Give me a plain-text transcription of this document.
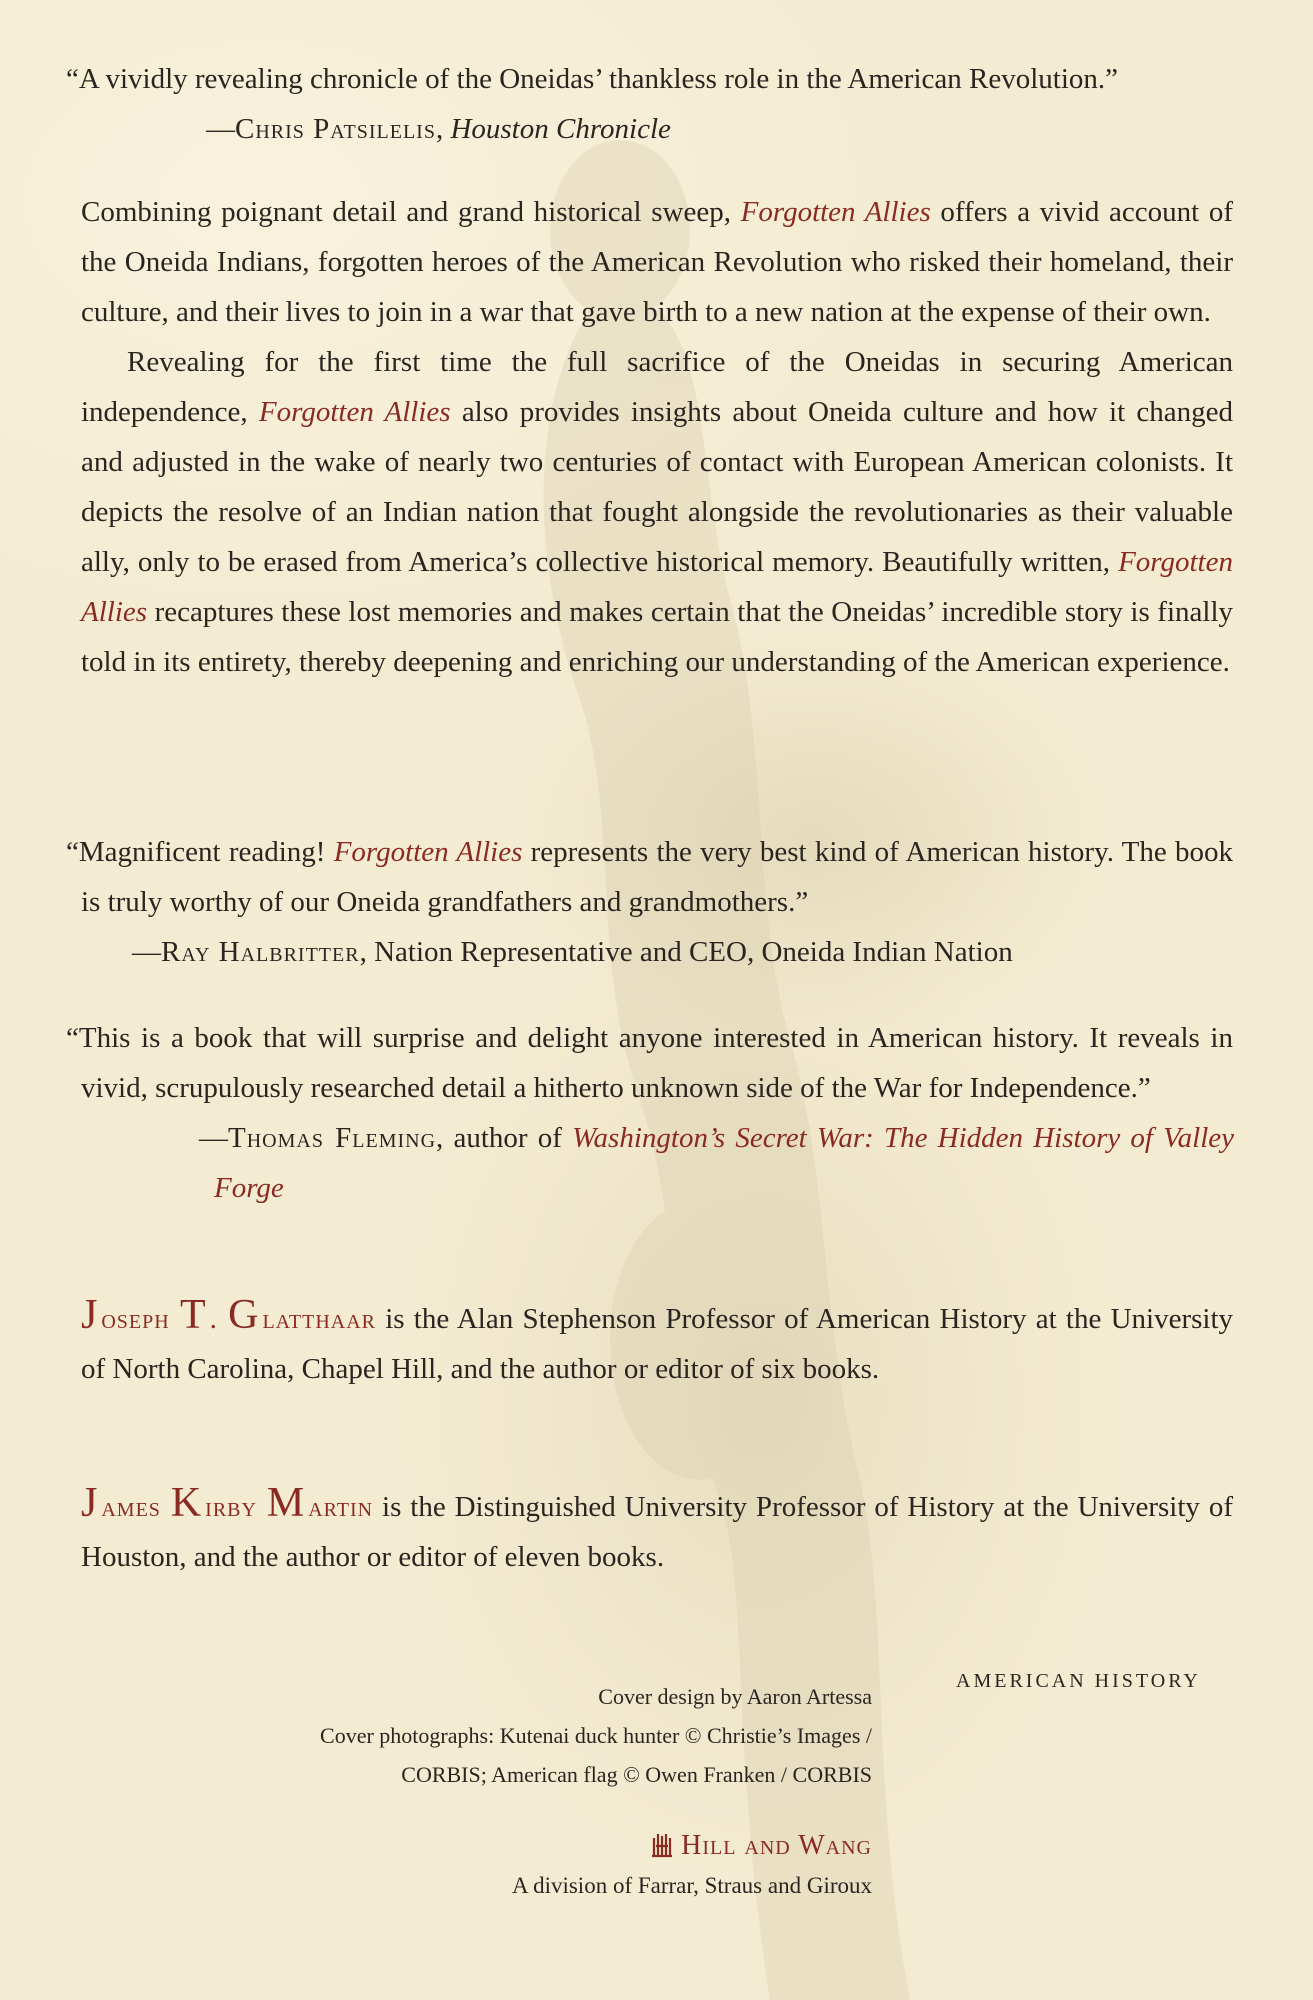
“A vividly revealing chronicle of the Oneidas’ thankless role in the American Revolution.”
—Chris Patsilelis, Houston Chronicle
Combining poignant detail and grand historical sweep, Forgotten Allies offers a vivid account of the Oneida Indians, forgotten heroes of the American Revolution who risked their homeland, their culture, and their lives to join in a war that gave birth to a new nation at the expense of their own.
Revealing for the first time the full sacrifice of the Oneidas in securing American independence, Forgotten Allies also provides insights about Oneida culture and how it changed and adjusted in the wake of nearly two centuries of contact with European American colonists. It depicts the resolve of an Indian nation that fought alongside the revolutionaries as their valuable ally, only to be erased from America’s collective historical memory. Beautifully written, Forgotten Allies recaptures these lost memories and makes certain that the Oneidas’ incredible story is finally told in its entirety, thereby deepening and enriching our understanding of the American experience.
“Magnificent reading! Forgotten Allies represents the very best kind of American history. The book is truly worthy of our Oneida grandfathers and grandmothers.”
—Ray Halbritter, Nation Representative and CEO, Oneida Indian Nation
“This is a book that will surprise and delight anyone interested in American history. It reveals in vivid, scrupulously researched detail a hitherto unknown side of the War for Independence.”
—Thomas Fleming, author of Washington’s Secret War: The Hidden History of Valley Forge
Joseph T. Glatthaar is the Alan Stephenson Professor of American History at the University of North Carolina, Chapel Hill, and the author or editor of six books.
James Kirby Martin is the Distinguished University Professor of History at the University of Houston, and the author or editor of eleven books.
Cover design by Aaron Artessa
Cover photographs: Kutenai duck hunter © Christie’s Images /
CORBIS; American flag © Owen Franken / CORBIS
AMERICAN HISTORY
Hill and Wang
A division of Farrar, Straus and Giroux
